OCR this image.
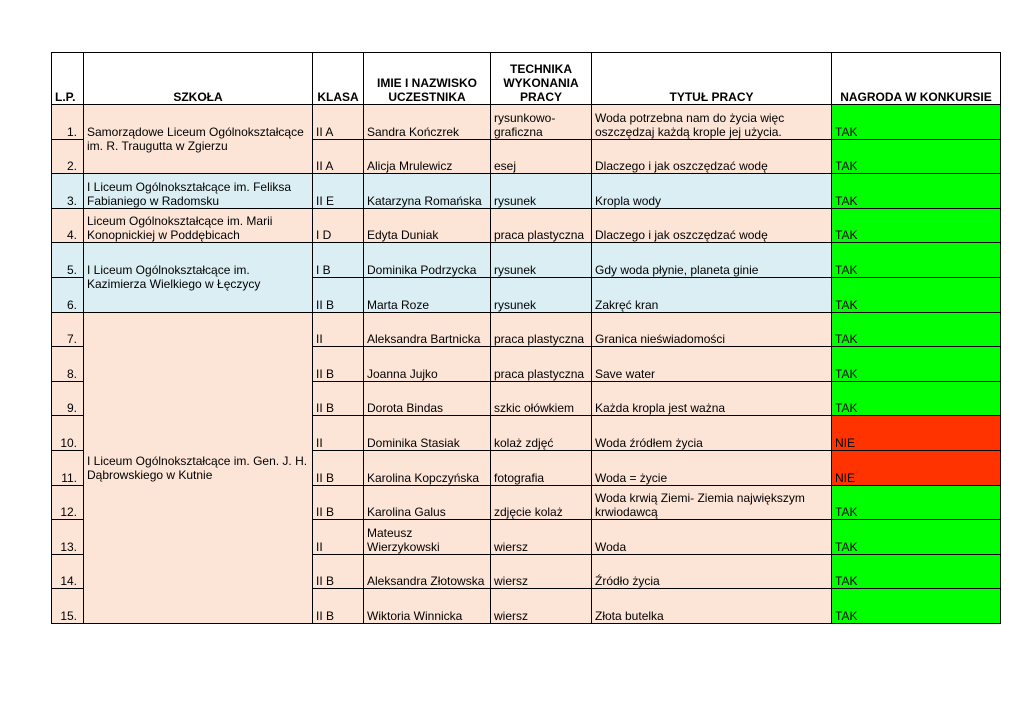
L.P.	SZKOŁA	KLASA	IMIE I NAZWISKO UCZESTNIKA	TECHNIKA WYKONANIA PRACY	TYTUŁ PRACY	NAGRODA W KONKURSIE
1.	Samorządowe Liceum Ogólnokształcące im. R. Traugutta w Zgierzu	II A	Sandra Kończrek	rysunkowo-graficzna	Woda potrzebna nam do życia więc oszczędzaj każdą krople jej użycia.	TAK
2.		II A	Alicja Mrulewicz	esej	Dlaczego i jak oszczędzać wodę	TAK
3.	I Liceum Ogólnokształcące im. Feliksa Fabianiego w Radomsku	II E	Katarzyna Romańska	rysunek	Kropla wody	TAK
4.	Liceum Ogólnokształcące im. Marii Konopnickiej w Poddębicach	I D	Edyta Duniak	praca plastyczna	Dlaczego i jak oszczędzać wodę	TAK
5.	I Liceum Ogólnokształcące im. Kazimierza Wielkiego w Łęczycy	I B	Dominika Podrzycka	rysunek	Gdy woda płynie, planeta ginie	TAK
6.		II B	Marta Roze	rysunek	Zakręć kran	TAK
7.	I Liceum Ogólnokształcące im. Gen. J. H. Dąbrowskiego w Kutnie	II	Aleksandra Bartnicka	praca plastyczna	Granica nieświadomości	TAK
8.		II B	Joanna Jujko	praca plastyczna	Save water	TAK
9.		II B	Dorota Bindas	szkic ołówkiem	Każda kropla jest ważna	TAK
10.		II	Dominika Stasiak	kolaż zdjęć	Woda źródłem życia	NIE
11.		II B	Karolina Kopczyńska	fotografia	Woda = życie	NIE
12.		II B	Karolina Galus	zdjęcie kolaż	Woda krwią Ziemi- Ziemia największym krwiodawcą	TAK
13.		II	Mateusz Wierzykowski	wiersz	Woda	TAK
14.		II B	Aleksandra Złotowska	wiersz	Źródło życia	TAK
15.		II B	Wiktoria Winnicka	wiersz	Złota butelka	TAK
